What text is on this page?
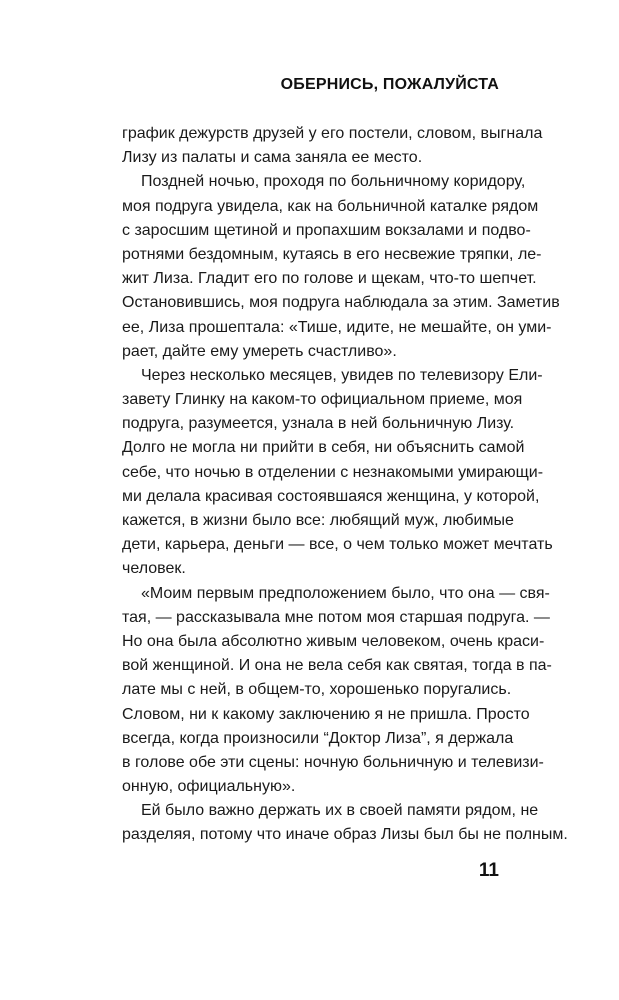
ОБЕРНИСЬ, ПОЖАЛУЙСТА
график дежурств друзей у его постели, словом, выгнала
Лизу из палаты и сама заняла ее место.
Поздней ночью, проходя по больничному коридору,
моя подруга увидела, как на больничной каталке рядом
с заросшим щетиной и пропахшим вокзалами и подво-
ротнями бездомным, кутаясь в его несвежие тряпки, ле-
жит Лиза. Гладит его по голове и щекам, что-то шепчет.
Остановившись, моя подруга наблюдала за этим. Заметив
ее, Лиза прошептала: «Тише, идите, не мешайте, он уми-
рает, дайте ему умереть счастливо».
Через несколько месяцев, увидев по телевизору Ели-
завету Глинку на каком-то официальном приеме, моя
подруга, разумеется, узнала в ней больничную Лизу.
Долго не могла ни прийти в себя, ни объяснить самой
себе, что ночью в отделении с незнакомыми умирающи-
ми делала красивая состоявшаяся женщина, у которой,
кажется, в жизни было все: любящий муж, любимые
дети, карьера, деньги — все, о чем только может мечтать
человек.
«Моим первым предположением было, что она — свя-
тая, — рассказывала мне потом моя старшая подруга. —
Но она была абсолютно живым человеком, очень краси-
вой женщиной. И она не вела себя как святая, тогда в па-
лате мы с ней, в общем-то, хорошенько поругались.
Словом, ни к какому заключению я не пришла. Просто
всегда, когда произносили “Доктор Лиза”, я держала
в голове обе эти сцены: ночную больничную и телевизи-
онную, официальную».
Ей было важно держать их в своей памяти рядом, не
разделяя, потому что иначе образ Лизы был бы не полным.
11
